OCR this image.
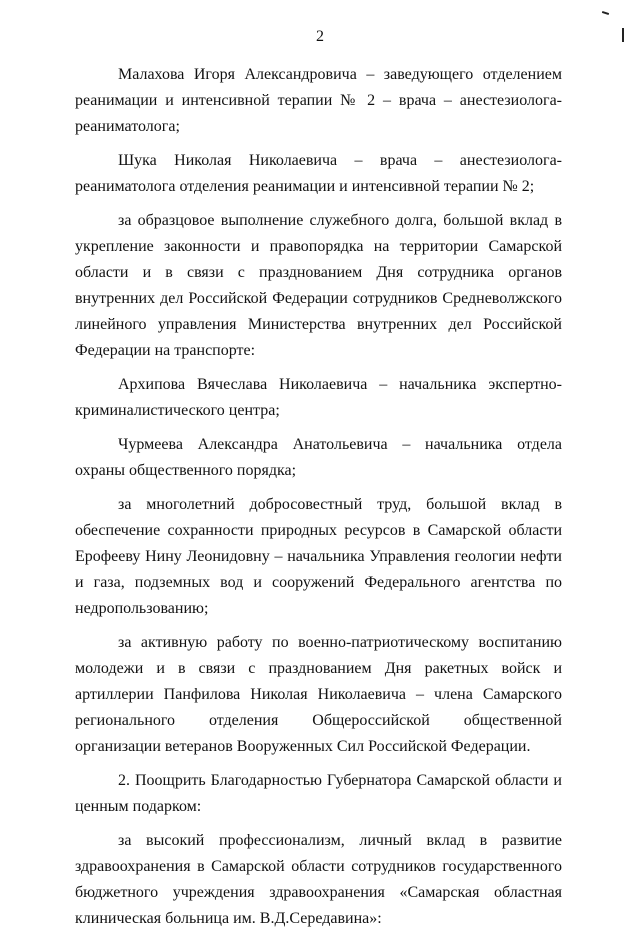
2

Малахова Игоря Александровича – заведующего отделением реанимации и интенсивной терапии № 2 – врача – анестезиолога-реаниматолога;

Шука Николая Николаевича – врача – анестезиолога-реаниматолога отделения реанимации и интенсивной терапии № 2;

за образцовое выполнение служебного долга, большой вклад в укрепление законности и правопорядка на территории Самарской области и в связи с празднованием Дня сотрудника органов внутренних дел Российской Федерации сотрудников Средневолжского линейного управления Министерства внутренних дел Российской Федерации на транспорте:

Архипова Вячеслава Николаевича – начальника экспертно-криминалистического центра;

Чурмеева Александра Анатольевича – начальника отдела охраны общественного порядка;

за многолетний добросовестный труд, большой вклад в обеспечение сохранности природных ресурсов в Самарской области Ерофееву Нину Леонидовну – начальника Управления геологии нефти и газа, подземных вод и сооружений Федерального агентства по недропользованию;

за активную работу по военно-патриотическому воспитанию молодежи и в связи с празднованием Дня ракетных войск и артиллерии Панфилова Николая Николаевича – члена Самарского регионального отделения Общероссийской общественной организации ветеранов Вооруженных Сил Российской Федерации.

2. Поощрить Благодарностью Губернатора Самарской области и ценным подарком:

за высокий профессионализм, личный вклад в развитие здравоохранения в Самарской области сотрудников государственного бюджетного учреждения здравоохранения «Самарская областная клиническая больница им. В.Д.Середавина»:
